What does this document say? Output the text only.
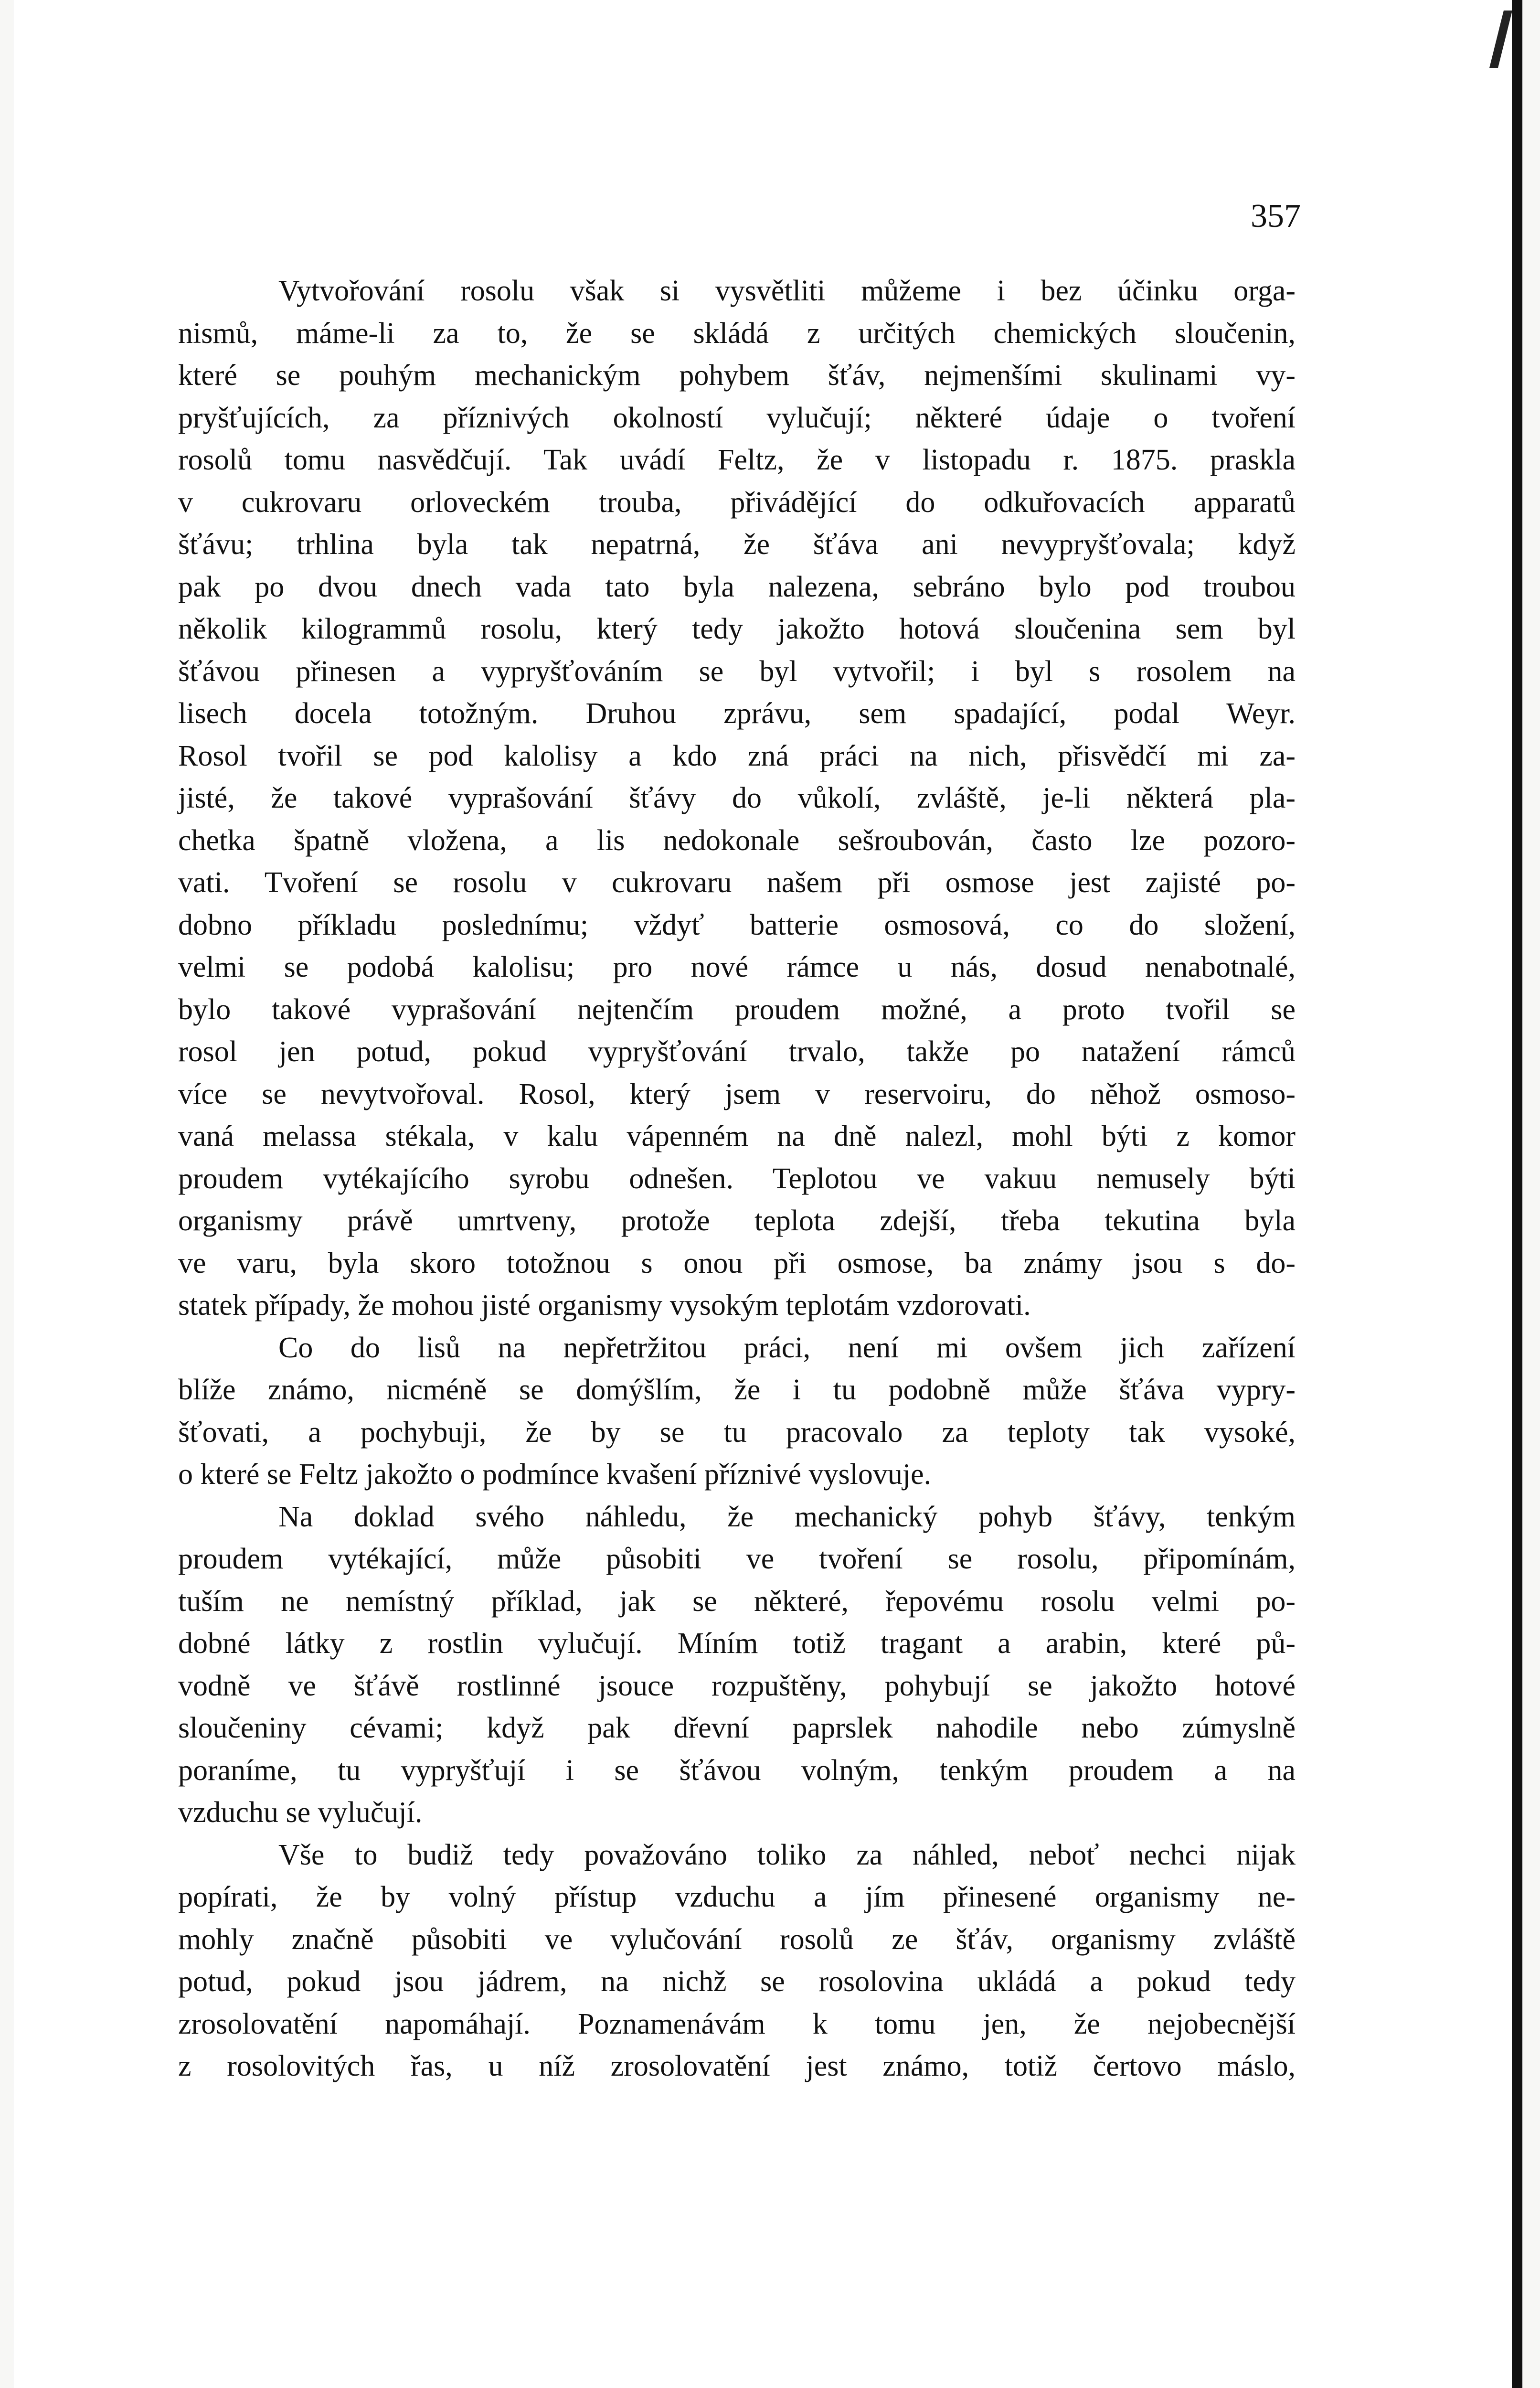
357
Vytvořování rosolu však si vysvětliti můžeme i bez účinku orga-
nismů, máme-li za to, že se skládá z určitých chemických sloučenin,
které se pouhým mechanickým pohybem šťáv, nejmenšími skulinami vy-
pryšťujících, za příznivých okolností vylučují; některé údaje o tvoření
rosolů tomu nasvědčují. Tak uvádí Feltz, že v listopadu r. 1875. praskla
v cukrovaru orloveckém trouba, přivádějící do odkuřovacích apparatů
šťávu; trhlina byla tak nepatrná, že šťáva ani nevypryšťovala; když
pak po dvou dnech vada tato byla nalezena, sebráno bylo pod troubou
několik kilogrammů rosolu, který tedy jakožto hotová sloučenina sem byl
šťávou přinesen a vypryšťováním se byl vytvořil; i byl s rosolem na
lisech docela totožným. Druhou zprávu, sem spadající, podal Weyr.
Rosol tvořil se pod kalolisy a kdo zná práci na nich, přisvědčí mi za-
jisté, že takové vyprašování šťávy do vůkolí, zvláště, je-li některá pla-
chetka špatně vložena, a lis nedokonale sešroubován, často lze pozoro-
vati. Tvoření se rosolu v cukrovaru našem při osmose jest zajisté po-
dobno příkladu poslednímu; vždyť batterie osmosová, co do složení,
velmi se podobá kalolisu; pro nové rámce u nás, dosud nenabotnalé,
bylo takové vyprašování nejtenčím proudem možné, a proto tvořil se
rosol jen potud, pokud vypryšťování trvalo, takže po natažení rámců
více se nevytvořoval. Rosol, který jsem v reservoiru, do něhož osmoso-
vaná melassa stékala, v kalu vápenném na dně nalezl, mohl býti z komor
proudem vytékajícího syrobu odnešen. Teplotou ve vakuu nemusely býti
organismy právě umrtveny, protože teplota zdejší, třeba tekutina byla
ve varu, byla skoro totožnou s onou při osmose, ba známy jsou s do-
statek případy, že mohou jisté organismy vysokým teplotám vzdorovati.
Co do lisů na nepřetržitou práci, není mi ovšem jich zařízení
blíže známo, nicméně se domýšlím, že i tu podobně může šťáva vypry-
šťovati, a pochybuji, že by se tu pracovalo za teploty tak vysoké,
o které se Feltz jakožto o podmínce kvašení příznivé vyslovuje.
Na doklad svého náhledu, že mechanický pohyb šťávy, tenkým
proudem vytékající, může působiti ve tvoření se rosolu, připomínám,
tuším ne nemístný příklad, jak se některé, řepovému rosolu velmi po-
dobné látky z rostlin vylučují. Míním totiž tragant a arabin, které pů-
vodně ve šťávě rostlinné jsouce rozpuštěny, pohybují se jakožto hotové
sloučeniny cévami; když pak dřevní paprslek nahodile nebo zúmyslně
poraníme, tu vypryšťují i se šťávou volným, tenkým proudem a na
vzduchu se vylučují.
Vše to budiž tedy považováno toliko za náhled, neboť nechci nijak
popírati, že by volný přístup vzduchu a jím přinesené organismy ne-
mohly značně působiti ve vylučování rosolů ze šťáv, organismy zvláště
potud, pokud jsou jádrem, na nichž se rosolovina ukládá a pokud tedy
zrosolovatění napomáhají. Poznamenávám k tomu jen, že nejobecnější
z rosolovitých řas, u níž zrosolovatění jest známo, totiž čertovo máslo,
